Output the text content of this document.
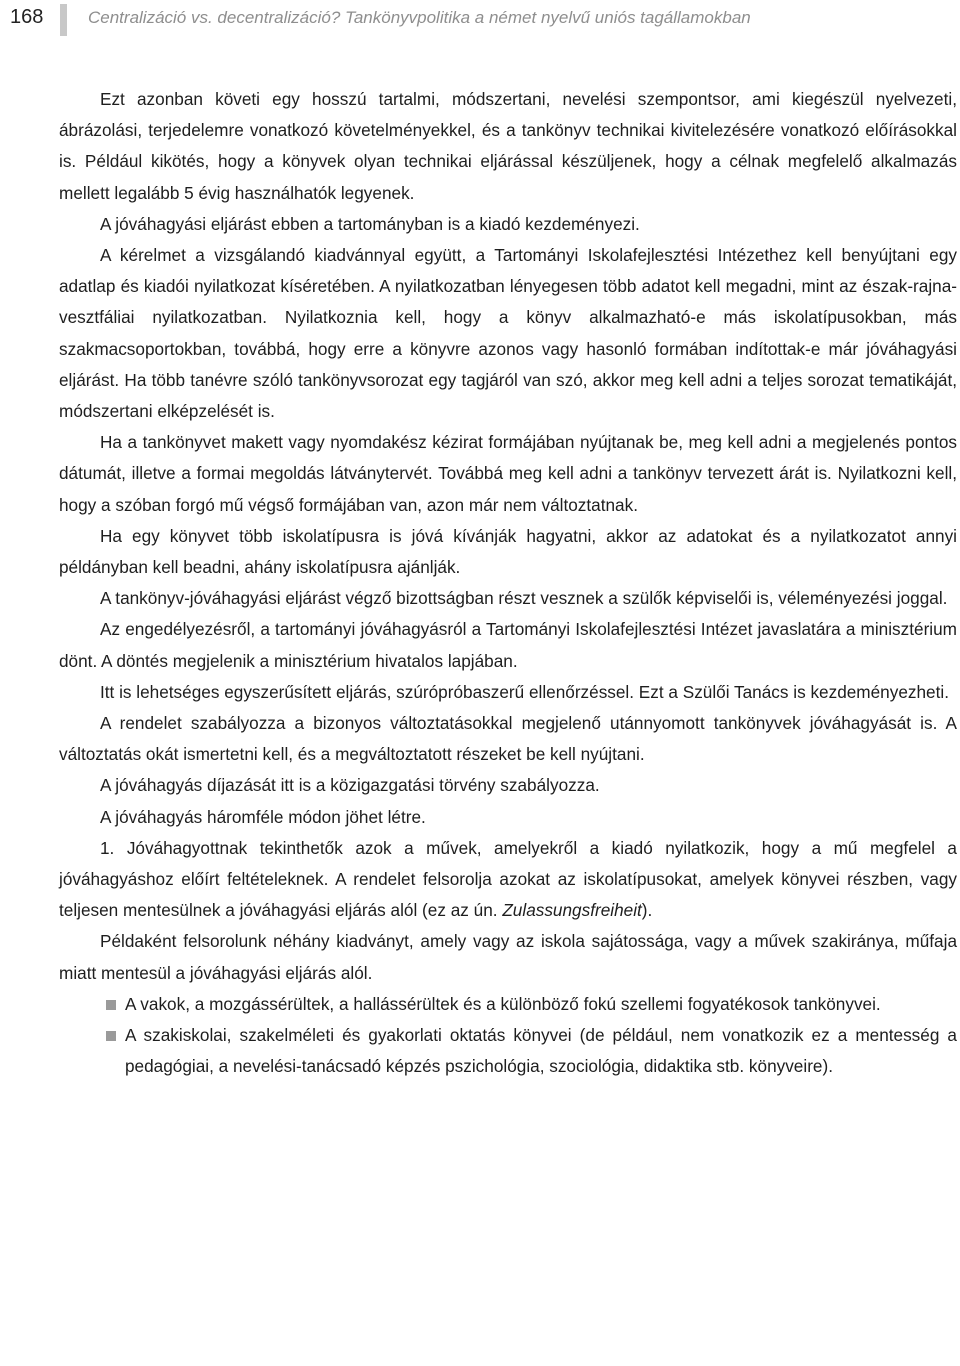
168	Centralizáció vs. decentralizáció? Tankönyvpolitika a német nyelvű uniós tagállamokban

Ezt azonban követi egy hosszú tartalmi, módszertani, nevelési szempontsor, ami kiegészül nyelvezeti, ábrázolási, terjedelemre vonatkozó követelményekkel, és a tankönyv technikai kivitelezésére vonatkozó előírásokkal is. Például kikötés, hogy a könyvek olyan technikai eljárással készüljenek, hogy a célnak megfelelő alkalmazás mellett legalább 5 évig használhatók legyenek.

A jóváhagyási eljárást ebben a tartományban is a kiadó kezdeményezi.

A kérelmet a vizsgálandó kiadvánnyal együtt, a Tartományi Iskolafejlesztési Intézethez kell benyújtani egy adatlap és kiadói nyilatkozat kíséretében. A nyilatkozatban lényegesen több adatot kell megadni, mint az észak-rajna-vesztfáliai nyilatkozatban. Nyilatkoznia kell, hogy a könyv alkalmazható-e más iskolatípusokban, más szakmacsoportokban, továbbá, hogy erre a könyvre azonos vagy hasonló formában indítottak-e már jóváhagyási eljárást. Ha több tanévre szóló tankönyvsorozat egy tagjáról van szó, akkor meg kell adni a teljes sorozat tematikáját, módszertani elképzelését is.

Ha a tankönyvet makett vagy nyomdakész kézirat formájában nyújtanak be, meg kell adni a megjelenés pontos dátumát, illetve a formai megoldás látványtervét. Továbbá meg kell adni a tankönyv tervezett árát is. Nyilatkozni kell, hogy a szóban forgó mű végső formájában van, azon már nem változtatnak.

Ha egy könyvet több iskolatípusra is jóvá kívánják hagyatni, akkor az adatokat és a nyilatkozatot annyi példányban kell beadni, ahány iskolatípusra ajánlják.

A tankönyv-jóváhagyási eljárást végző bizottságban részt vesznek a szülők képviselői is, véleményezési joggal.

Az engedélyezésről, a tartományi jóváhagyásról a Tartományi Iskolafejlesztési Intézet javaslatára a minisztérium dönt. A döntés megjelenik a minisztérium hivatalos lapjában.

Itt is lehetséges egyszerűsített eljárás, szúrópróbaszerű ellenőrzéssel. Ezt a Szülői Tanács is kezdeményezheti.

A rendelet szabályozza a bizonyos változtatásokkal megjelenő utánnyomott tankönyvek jóváhagyását is. A változtatás okát ismertetni kell, és a megváltoztatott részeket be kell nyújtani.

A jóváhagyás díjazását itt is a közigazgatási törvény szabályozza.

A jóváhagyás háromféle módon jöhet létre.

1. Jóváhagyottnak tekinthetők azok a művek, amelyekről a kiadó nyilatkozik, hogy a mű megfelel a jóváhagyáshoz előírt feltételeknek. A rendelet felsorolja azokat az iskolatípusokat, amelyek könyvei részben, vagy teljesen mentesülnek a jóváhagyási eljárás alól (ez az ún. Zulassungsfreiheit).

Példaként felsorolunk néhány kiadványt, amely vagy az iskola sajátossága, vagy a művek szakiránya, műfaja miatt mentesül a jóváhagyási eljárás alól.

A vakok, a mozgássérültek, a hallássérültek és a különböző fokú szellemi fogyatékosok tankönyvei.
A szakiskolai, szakelméleti és gyakorlati oktatás könyvei (de például, nem vonatkozik ez a mentesség a pedagógiai, a nevelési-tanácsadó képzés pszichológia, szociológia, didaktika stb. könyveire).
